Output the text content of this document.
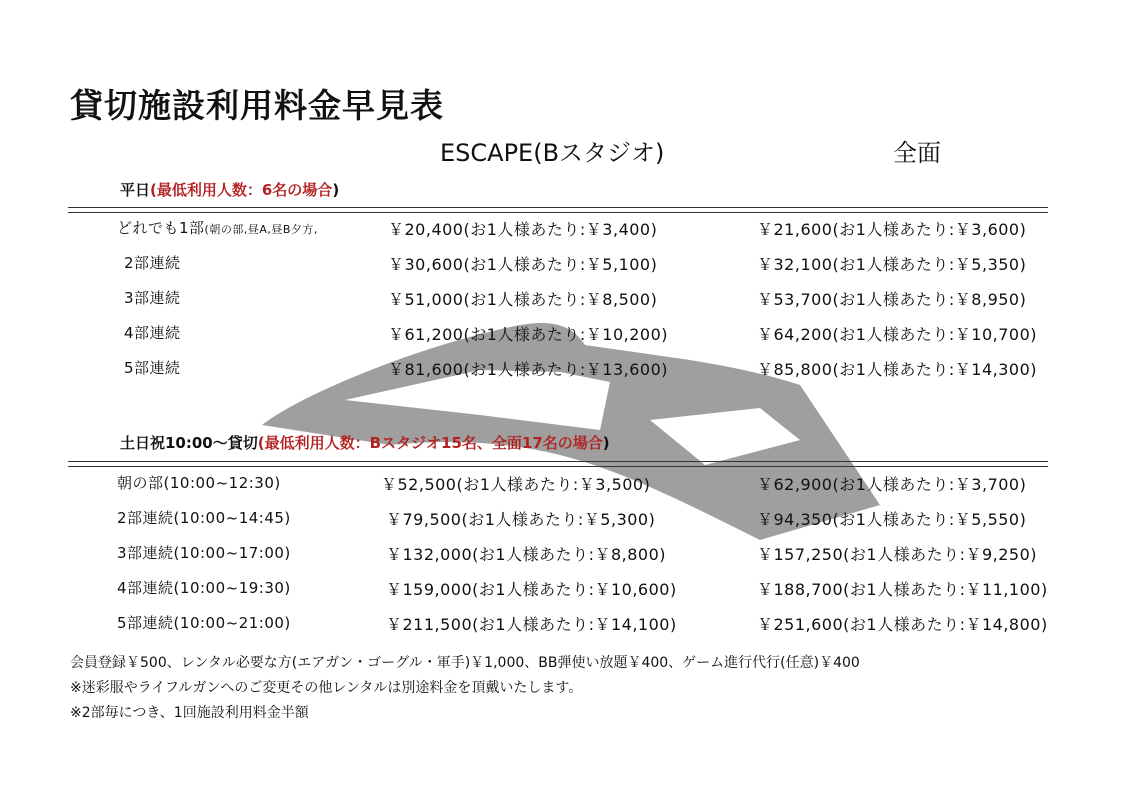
貸切施設利用料金早見表
ESCAPE(Bスタジオ)	全面
平日(最低利用人数：6名の場合)
どれでも1部(朝の部,昼A,昼B夕方,	￥20,400(お1人様あたり:￥3,400)	￥21,600(お1人様あたり:￥3,600)
2部連続	￥30,600(お1人様あたり:￥5,100)	￥32,100(お1人様あたり:￥5,350)
3部連続	￥51,000(お1人様あたり:￥8,500)	￥53,700(お1人様あたり:￥8,950)
4部連続	￥61,200(お1人様あたり:￥10,200)	￥64,200(お1人様あたり:￥10,700)
5部連続	￥81,600(お1人様あたり:￥13,600)	￥85,800(お1人様あたり:￥14,300)
土日祝10:00～貸切(最低利用人数：Bスタジオ15名、全面17名の場合)
朝の部(10:00~12:30)	￥52,500(お1人様あたり:￥3,500)	￥62,900(お1人様あたり:￥3,700)
2部連続(10:00~14:45)	￥79,500(お1人様あたり:￥5,300)	￥94,350(お1人様あたり:￥5,550)
3部連続(10:00~17:00)	￥132,000(お1人様あたり:￥8,800)	￥157,250(お1人様あたり:￥9,250)
4部連続(10:00~19:30)	￥159,000(お1人様あたり:￥10,600)	￥188,700(お1人様あたり:￥11,100)
5部連続(10:00~21:00)	￥211,500(お1人様あたり:￥14,100)	￥251,600(お1人様あたり:￥14,800)
会員登録￥500、レンタル必要な方(エアガン・ゴーグル・軍手)￥1,000、BB弾使い放題￥400、ゲーム進行代行(任意)￥400
※迷彩服やライフルガンへのご変更その他レンタルは別途料金を頂戴いたします。
※2部毎につき、1回施設利用料金半額
